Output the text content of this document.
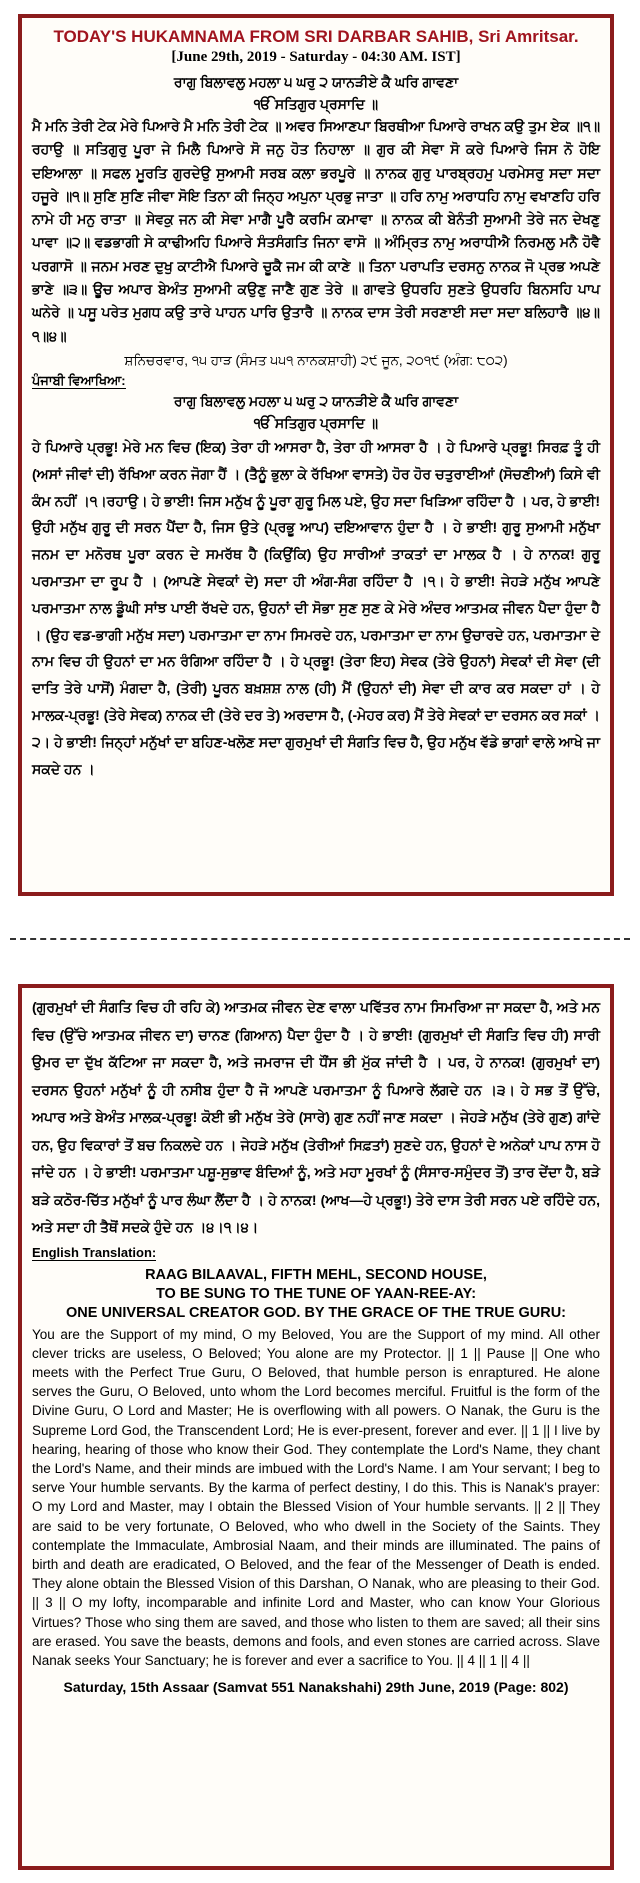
TODAY'S HUKAMNAMA FROM SRI DARBAR SAHIB, Sri Amritsar.

[June 29th, 2019 - Saturday - 04:30 AM. IST]

ਰਾਗੁ ਬਿਲਾਵਲੁ ਮਹਲਾ ੫ ਘਰੁ ੨ ਯਾਨੜੀਏ ਕੈ ਘਰਿ ਗਾਵਣਾ

ੴ ਸਤਿਗੁਰ ਪ੍ਰਸਾਦਿ ॥

ਮੈ ਮਨਿ ਤੇਰੀ ਟੇਕ ਮੇਰੇ ਪਿਆਰੇ ਮੈ ਮਨਿ ਤੇਰੀ ਟੇਕ ॥ ਅਵਰ ਸਿਆਣਪਾ ਬਿਰਥੀਆ ਪਿਆਰੇ ਰਾਖਨ ਕਉ ਤੁਮ ਏਕ ॥੧॥ ਰਹਾਉ ॥ ਸਤਿਗੁਰੁ ਪੂਰਾ ਜੇ ਮਿਲੈ ਪਿਆਰੇ ਸੋ ਜਨੁ ਹੋਤ ਨਿਹਾਲਾ ॥ ਗੁਰ ਕੀ ਸੇਵਾ ਸੋ ਕਰੇ ਪਿਆਰੇ ਜਿਸ ਨੋ ਹੋਇ ਦਇਆਲਾ ॥ ਸਫਲ ਮੂਰਤਿ ਗੁਰਦੇਉ ਸੁਆਮੀ ਸਰਬ ਕਲਾ ਭਰਪੂਰੇ ॥ ਨਾਨਕ ਗੁਰੁ ਪਾਰਬ੍ਰਹਮੁ ਪਰਮੇਸਰੁ ਸਦਾ ਸਦਾ ਹਜੂਰੇ ॥੧॥ ਸੁਣਿ ਸੁਣਿ ਜੀਵਾ ਸੋਇ ਤਿਨਾ ਕੀ ਜਿਨ੍ਹ ਅਪੁਨਾ ਪ੍ਰਭੁ ਜਾਤਾ ॥ ਹਰਿ ਨਾਮੁ ਅਰਾਧਹਿ ਨਾਮੁ ਵਖਾਣਹਿ ਹਰਿ ਨਾਮੇ ਹੀ ਮਨੁ ਰਾਤਾ ॥ ਸੇਵਕੁ ਜਨ ਕੀ ਸੇਵਾ ਮਾਗੈ ਪੂਰੈ ਕਰਮਿ ਕਮਾਵਾ ॥ ਨਾਨਕ ਕੀ ਬੇਨੰਤੀ ਸੁਆਮੀ ਤੇਰੇ ਜਨ ਦੇਖਣੁ ਪਾਵਾ ॥੨॥ ਵਡਭਾਗੀ ਸੇ ਕਾਢੀਅਹਿ ਪਿਆਰੇ ਸੰਤਸੰਗਤਿ ਜਿਨਾ ਵਾਸੋ ॥ ਅੰਮ੍ਰਿਤ ਨਾਮੁ ਅਰਾਧੀਐ ਨਿਰਮਲੁ ਮਨੈ ਹੋਵੈ ਪਰਗਾਸੋ ॥ ਜਨਮ ਮਰਣ ਦੁਖੁ ਕਾਟੀਐ ਪਿਆਰੇ ਚੂਕੈ ਜਮ ਕੀ ਕਾਣੇ ॥ ਤਿਨਾ ਪਰਾਪਤਿ ਦਰਸਨੁ ਨਾਨਕ ਜੋ ਪ੍ਰਭ ਅਪਣੇ ਭਾਣੇ ॥੩॥ ਊਚ ਅਪਾਰ ਬੇਅੰਤ ਸੁਆਮੀ ਕਉਣੁ ਜਾਣੈ ਗੁਣ ਤੇਰੇ ॥ ਗਾਵਤੇ ਉਧਰਹਿ ਸੁਣਤੇ ਉਧਰਹਿ ਬਿਨਸਹਿ ਪਾਪ ਘਨੇਰੇ ॥ ਪਸੂ ਪਰੇਤ ਮੁਗਧ ਕਉ ਤਾਰੇ ਪਾਹਨ ਪਾਰਿ ਉਤਾਰੈ ॥ ਨਾਨਕ ਦਾਸ ਤੇਰੀ ਸਰਣਾਈ ਸਦਾ ਸਦਾ ਬਲਿਹਾਰੈ ॥੪॥੧॥੪॥

ਸ਼ਨਿਚਰਵਾਰ, ੧੫ ਹਾੜ (ਸੰਮਤ ੫੫੧ ਨਾਨਕਸ਼ਾਹੀ) ੨੯ ਜੂਨ, ੨੦੧੯ (ਅੰਗ: ੮੦੨)

ਪੰਜਾਬੀ ਵਿਆਖਿਆ:

ਰਾਗੁ ਬਿਲਾਵਲੁ ਮਹਲਾ ੫ ਘਰੁ ੨ ਯਾਨੜੀਏ ਕੈ ਘਰਿ ਗਾਵਣਾ

ੴ ਸਤਿਗੁਰ ਪ੍ਰਸਾਦਿ ॥

ਹੇ ਪਿਆਰੇ ਪ੍ਰਭੂ! ਮੇਰੇ ਮਨ ਵਿਚ (ਇਕ) ਤੇਰਾ ਹੀ ਆਸਰਾ ਹੈ, ਤੇਰਾ ਹੀ ਆਸਰਾ ਹੈ । ਹੇ ਪਿਆਰੇ ਪ੍ਰਭੂ! ਸਿਰਫ਼ ਤੂੰ ਹੀ (ਅਸਾਂ ਜੀਵਾਂ ਦੀ) ਰੱਖਿਆ ਕਰਨ ਜੋਗਾ ਹੈਂ । (ਤੈਨੂੰ ਭੁਲਾ ਕੇ ਰੱਖਿਆ ਵਾਸਤੇ) ਹੋਰ ਹੋਰ ਚਤੁਰਾਈਆਂ (ਸੋਚਣੀਆਂ) ਕਿਸੇ ਵੀ ਕੰਮ ਨਹੀਂ ।੧।ਰਹਾਉ। ਹੇ ਭਾਈ! ਜਿਸ ਮਨੁੱਖ ਨੂੰ ਪੂਰਾ ਗੁਰੂ ਮਿਲ ਪਏ, ਉਹ ਸਦਾ ਖਿੜਿਆ ਰਹਿੰਦਾ ਹੈ । ਪਰ, ਹੇ ਭਾਈ! ਉਹੀ ਮਨੁੱਖ ਗੁਰੂ ਦੀ ਸਰਨ ਪੈਂਦਾ ਹੈ, ਜਿਸ ਉਤੇ (ਪ੍ਰਭੂ ਆਪ) ਦਇਆਵਾਨ ਹੁੰਦਾ ਹੈ । ਹੇ ਭਾਈ! ਗੁਰੂ ਸੁਆਮੀ ਮਨੁੱਖਾ ਜਨਮ ਦਾ ਮਨੋਰਥ ਪੂਰਾ ਕਰਨ ਦੇ ਸਮਰੱਥ ਹੈ (ਕਿਉਂਕਿ) ਉਹ ਸਾਰੀਆਂ ਤਾਕਤਾਂ ਦਾ ਮਾਲਕ ਹੈ । ਹੇ ਨਾਨਕ! ਗੁਰੂ ਪਰਮਾਤਮਾ ਦਾ ਰੂਪ ਹੈ । (ਆਪਣੇ ਸੇਵਕਾਂ ਦੇ) ਸਦਾ ਹੀ ਅੰਗ-ਸੰਗ ਰਹਿੰਦਾ ਹੈ ।੧। ਹੇ ਭਾਈ! ਜੇਹੜੇ ਮਨੁੱਖ ਆਪਣੇ ਪਰਮਾਤਮਾ ਨਾਲ ਡੂੰਘੀ ਸਾਂਝ ਪਾਈ ਰੱਖਦੇ ਹਨ, ਉਹਨਾਂ ਦੀ ਸੋਭਾ ਸੁਣ ਸੁਣ ਕੇ ਮੇਰੇ ਅੰਦਰ ਆਤਮਕ ਜੀਵਨ ਪੈਦਾ ਹੁੰਦਾ ਹੈ । (ਉਹ ਵਡ-ਭਾਗੀ ਮਨੁੱਖ ਸਦਾ) ਪਰਮਾਤਮਾ ਦਾ ਨਾਮ ਸਿਮਰਦੇ ਹਨ, ਪਰਮਾਤਮਾ ਦਾ ਨਾਮ ਉਚਾਰਦੇ ਹਨ, ਪਰਮਾਤਮਾ ਦੇ ਨਾਮ ਵਿਚ ਹੀ ਉਹਨਾਂ ਦਾ ਮਨ ਰੰਗਿਆ ਰਹਿੰਦਾ ਹੈ । ਹੇ ਪ੍ਰਭੂ! (ਤੇਰਾ ਇਹ) ਸੇਵਕ (ਤੇਰੇ ਉਹਨਾਂ) ਸੇਵਕਾਂ ਦੀ ਸੇਵਾ (ਦੀ ਦਾਤਿ ਤੇਰੇ ਪਾਸੋਂ) ਮੰਗਦਾ ਹੈ, (ਤੇਰੀ) ਪੂਰਨ ਬਖ਼ਸ਼ਸ਼ ਨਾਲ (ਹੀ) ਮੈਂ (ਉਹਨਾਂ ਦੀ) ਸੇਵਾ ਦੀ ਕਾਰ ਕਰ ਸਕਦਾ ਹਾਂ । ਹੇ ਮਾਲਕ-ਪ੍ਰਭੂ! (ਤੇਰੇ ਸੇਵਕ) ਨਾਨਕ ਦੀ (ਤੇਰੇ ਦਰ ਤੇ) ਅਰਦਾਸ ਹੈ, (-ਮੇਹਰ ਕਰ) ਮੈਂ ਤੇਰੇ ਸੇਵਕਾਂ ਦਾ ਦਰਸਨ ਕਰ ਸਕਾਂ ।੨। ਹੇ ਭਾਈ! ਜਿਨ੍ਹਾਂ ਮਨੁੱਖਾਂ ਦਾ ਬਹਿਣ-ਖਲੋਣ ਸਦਾ ਗੁਰਮੁਖਾਂ ਦੀ ਸੰਗਤਿ ਵਿਚ ਹੈ, ਉਹ ਮਨੁੱਖ ਵੱਡੇ ਭਾਗਾਂ ਵਾਲੇ ਆਖੇ ਜਾ ਸਕਦੇ ਹਨ ।

(ਗੁਰਮੁਖਾਂ ਦੀ ਸੰਗਤਿ ਵਿਚ ਹੀ ਰਹਿ ਕੇ) ਆਤਮਕ ਜੀਵਨ ਦੇਣ ਵਾਲਾ ਪਵਿੱਤਰ ਨਾਮ ਸਿਮਰਿਆ ਜਾ ਸਕਦਾ ਹੈ, ਅਤੇ ਮਨ ਵਿਚ (ਉੱਚੇ ਆਤਮਕ ਜੀਵਨ ਦਾ) ਚਾਨਣ (ਗਿਆਨ) ਪੈਦਾ ਹੁੰਦਾ ਹੈ । ਹੇ ਭਾਈ! (ਗੁਰਮੁਖਾਂ ਦੀ ਸੰਗਤਿ ਵਿਚ ਹੀ) ਸਾਰੀ ਉਮਰ ਦਾ ਦੁੱਖ ਕੱਟਿਆ ਜਾ ਸਕਦਾ ਹੈ, ਅਤੇ ਜਮਰਾਜ ਦੀ ਧੌਂਸ ਭੀ ਮੁੱਕ ਜਾਂਦੀ ਹੈ । ਪਰ, ਹੇ ਨਾਨਕ! (ਗੁਰਮੁਖਾਂ ਦਾ) ਦਰਸਨ ਉਹਨਾਂ ਮਨੁੱਖਾਂ ਨੂੰ ਹੀ ਨਸੀਬ ਹੁੰਦਾ ਹੈ ਜੋ ਆਪਣੇ ਪਰਮਾਤਮਾ ਨੂੰ ਪਿਆਰੇ ਲੱਗਦੇ ਹਨ ।੩। ਹੇ ਸਭ ਤੋਂ ਉੱਚੇ, ਅਪਾਰ ਅਤੇ ਬੇਅੰਤ ਮਾਲਕ-ਪ੍ਰਭੂ! ਕੋਈ ਭੀ ਮਨੁੱਖ ਤੇਰੇ (ਸਾਰੇ) ਗੁਣ ਨਹੀਂ ਜਾਣ ਸਕਦਾ । ਜੇਹੜੇ ਮਨੁੱਖ (ਤੇਰੇ ਗੁਣ) ਗਾਂਦੇ ਹਨ, ਉਹ ਵਿਕਾਰਾਂ ਤੋਂ ਬਚ ਨਿਕਲਦੇ ਹਨ । ਜੇਹੜੇ ਮਨੁੱਖ (ਤੇਰੀਆਂ ਸਿਫ਼ਤਾਂ) ਸੁਣਦੇ ਹਨ, ਉਹਨਾਂ ਦੇ ਅਨੇਕਾਂ ਪਾਪ ਨਾਸ ਹੋ ਜਾਂਦੇ ਹਨ । ਹੇ ਭਾਈ! ਪਰਮਾਤਮਾ ਪਸ਼ੂ-ਸੁਭਾਵ ਬੰਦਿਆਂ ਨੂੰ, ਅਤੇ ਮਹਾ ਮੂਰਖਾਂ ਨੂੰ (ਸੰਸਾਰ-ਸਮੁੰਦਰ ਤੋਂ) ਤਾਰ ਦੇਂਦਾ ਹੈ, ਬੜੇ ਬੜੇ ਕਠੋਰ-ਚਿੱਤ ਮਨੁੱਖਾਂ ਨੂੰ ਪਾਰ ਲੰਘਾ ਲੈਂਦਾ ਹੈ । ਹੇ ਨਾਨਕ! (ਆਖ—ਹੇ ਪ੍ਰਭੂ!) ਤੇਰੇ ਦਾਸ ਤੇਰੀ ਸਰਨ ਪਏ ਰਹਿੰਦੇ ਹਨ, ਅਤੇ ਸਦਾ ਹੀ ਤੈਥੋਂ ਸਦਕੇ ਹੁੰਦੇ ਹਨ ।੪।੧।੪।

English Translation:

RAAG BILAAVAL, FIFTH MEHL, SECOND HOUSE,

TO BE SUNG TO THE TUNE OF YAAN-REE-AY:

ONE UNIVERSAL CREATOR GOD. BY THE GRACE OF THE TRUE GURU:

You are the Support of my mind, O my Beloved, You are the Support of my mind. All other clever tricks are useless, O Beloved; You alone are my Protector. || 1 || Pause || One who meets with the Perfect True Guru, O Beloved, that humble person is enraptured. He alone serves the Guru, O Beloved, unto whom the Lord becomes merciful. Fruitful is the form of the Divine Guru, O Lord and Master; He is overflowing with all powers. O Nanak, the Guru is the Supreme Lord God, the Transcendent Lord; He is ever-present, forever and ever. || 1 || I live by hearing, hearing of those who know their God. They contemplate the Lord's Name, they chant the Lord's Name, and their minds are imbued with the Lord's Name. I am Your servant; I beg to serve Your humble servants. By the karma of perfect destiny, I do this. This is Nanak's prayer: O my Lord and Master, may I obtain the Blessed Vision of Your humble servants. || 2 || They are said to be very fortunate, O Beloved, who who dwell in the Society of the Saints. They contemplate the Immaculate, Ambrosial Naam, and their minds are illuminated. The pains of birth and death are eradicated, O Beloved, and the fear of the Messenger of Death is ended. They alone obtain the Blessed Vision of this Darshan, O Nanak, who are pleasing to their God. || 3 || O my lofty, incomparable and infinite Lord and Master, who can know Your Glorious Virtues? Those who sing them are saved, and those who listen to them are saved; all their sins are erased. You save the beasts, demons and fools, and even stones are carried across. Slave Nanak seeks Your Sanctuary; he is forever and ever a sacrifice to You. || 4 || 1 || 4 ||

Saturday, 15th Assaar (Samvat 551 Nanakshahi) 29th June, 2019 (Page: 802)
